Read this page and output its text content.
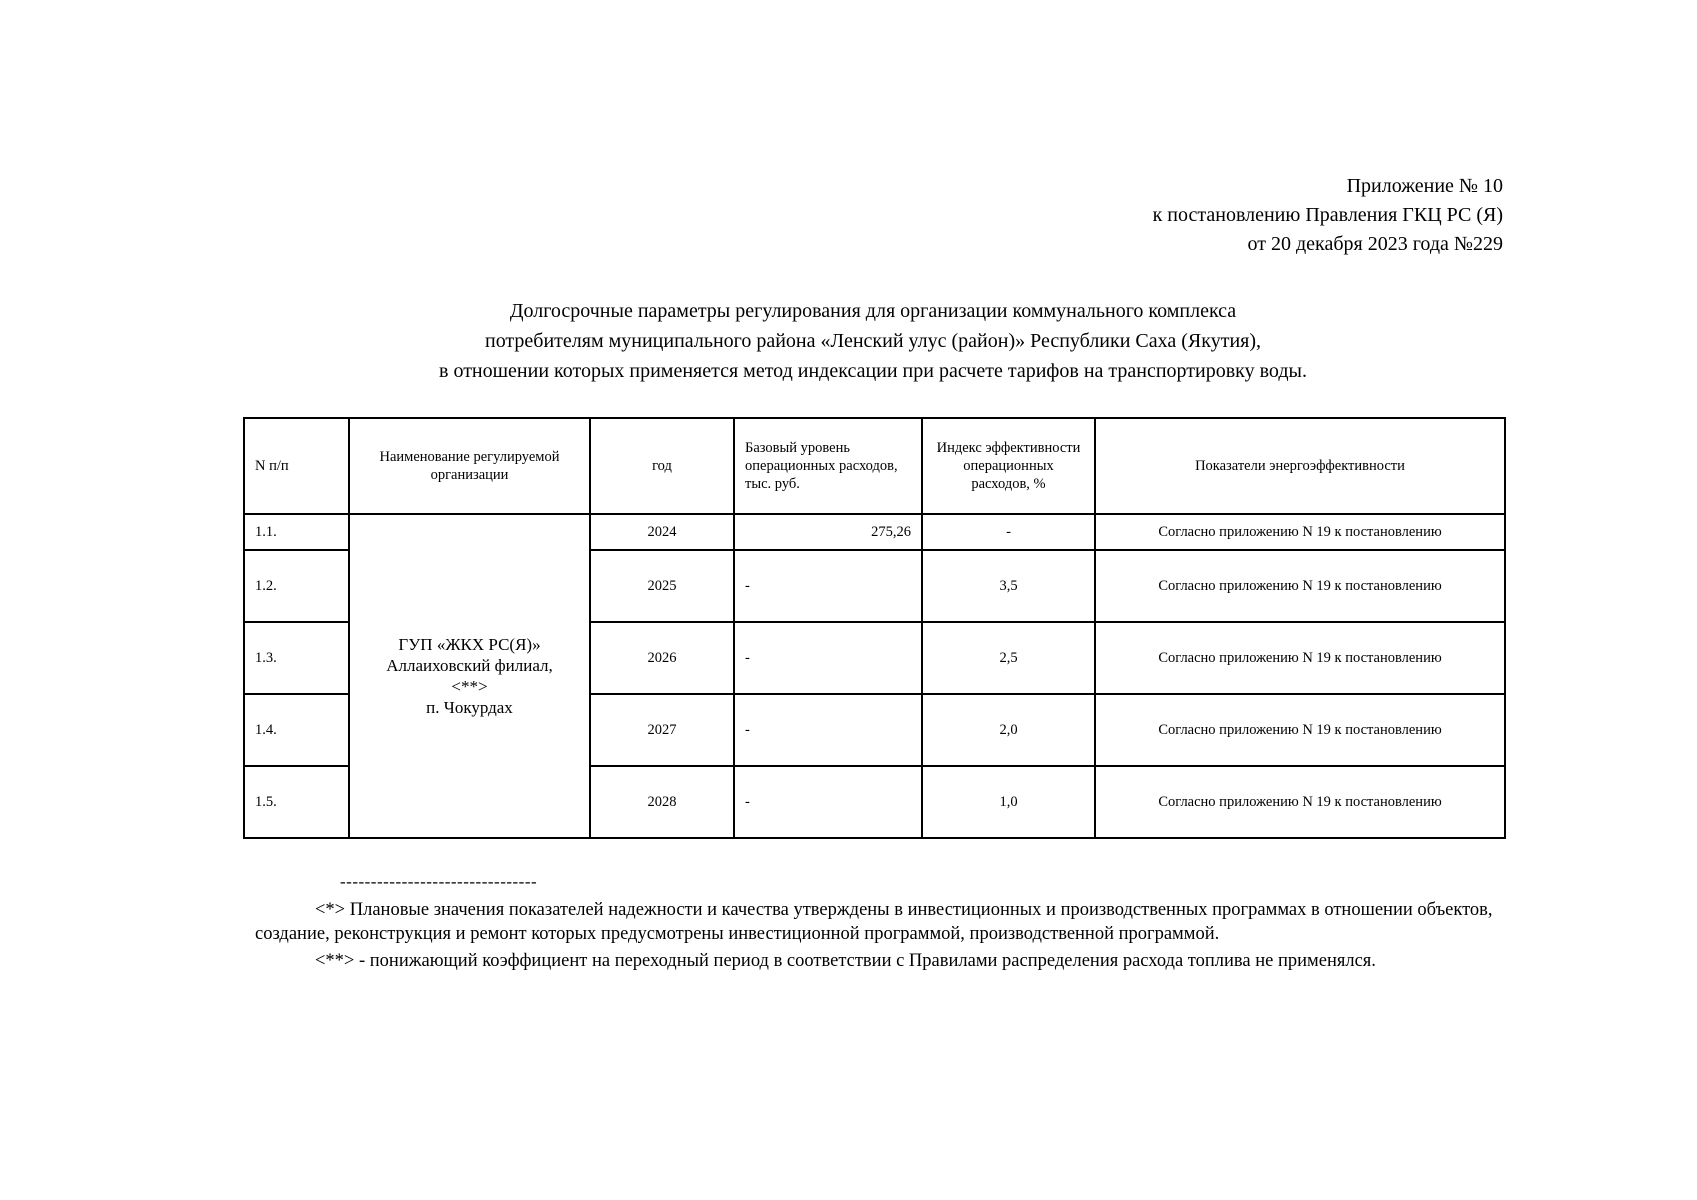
Приложение № 10
к постановлению Правления ГКЦ РС (Я)
от 20 декабря 2023 года №229
Долгосрочные параметры регулирования для организации коммунального комплекса
потребителям муниципального района «Ленский улус (район)» Республики Саха (Якутия),
в отношении которых применяется метод индексации при расчете тарифов на транспортировку воды.
N п/п	Наименование регулируемой организации	год	Базовый уровень операционных расходов, тыс. руб.	Индекс эффективности операционных расходов, %	Показатели энергоэффективности
1.1.	ГУП «ЖКХ РС(Я)»
Аллаиховский филиал,
<**>
п. Чокурдах	2024	275,26	-	Согласно приложению N 19 к постановлению
1.2.		2025	-	3,5	Согласно приложению N 19 к постановлению
1.3.		2026	-	2,5	Согласно приложению N 19 к постановлению
1.4.		2027	-	2,0	Согласно приложению N 19 к постановлению
1.5.		2028	-	1,0	Согласно приложению N 19 к постановлению
--------------------------------

<*> Плановые значения показателей надежности и качества утверждены в инвестиционных и производственных программах в отношении объектов, создание, реконструкция и ремонт которых предусмотрены инвестиционной программой, производственной программой.

<**> - понижающий коэффициент на переходный период в соответствии с Правилами распределения расхода топлива не применялся.
